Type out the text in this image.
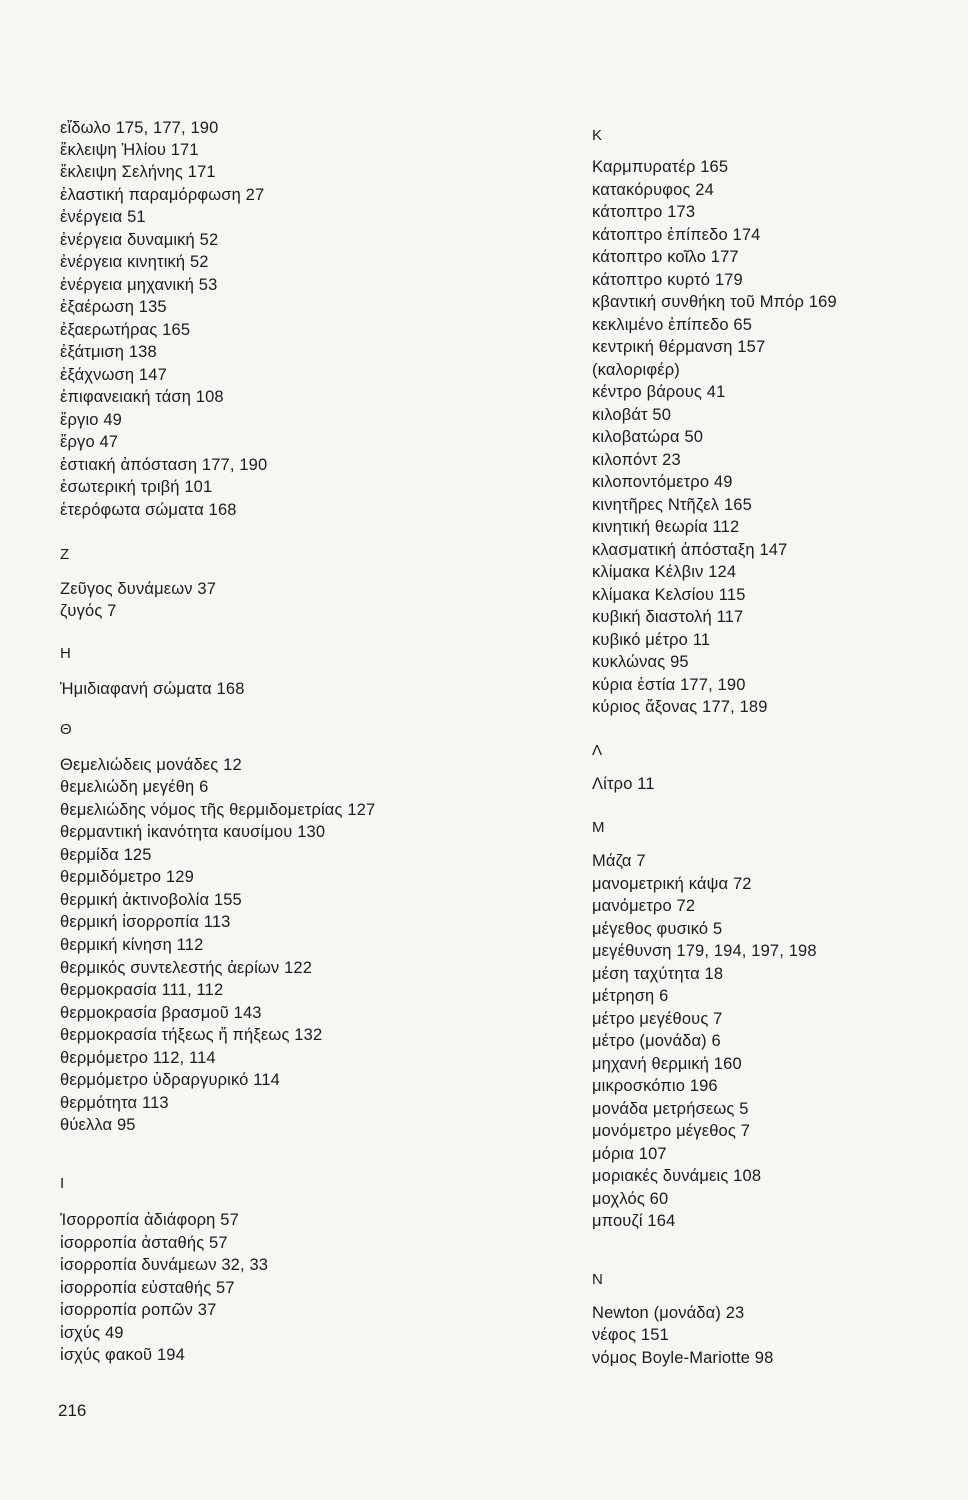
εἴδωλο 175, 177, 190
ἔκλειψη Ἡλίου 171
ἔκλειψη Σελήνης 171
ἐλαστική παραμόρφωση 27
ἐνέργεια 51
ἐνέργεια δυναμική 52
ἐνέργεια κινητική 52
ἐνέργεια μηχανική 53
ἐξαέρωση 135
ἐξαερωτήρας 165
ἐξάτμιση 138
ἐξάχνωση 147
ἐπιφανειακή τάση 108
ἔργιο 49
ἔργο 47
ἑστιακή ἀπόσταση 177, 190
ἐσωτερική τριβή 101
ἑτερόφωτα σώματα 168
Ζ
Ζεῦγος δυνάμεων 37
ζυγός 7
Η
Ἡμιδιαφανή σώματα 168
Θ
Θεμελιώδεις μονάδες 12
θεμελιώδη μεγέθη 6
θεμελιώδης νόμος τῆς θερμιδομετρίας 127
θερμαντική ἱκανότητα καυσίμου 130
θερμίδα 125
θερμιδόμετρο 129
θερμική ἀκτινοβολία 155
θερμική ἰσορροπία 113
θερμική κίνηση 112
θερμικός συντελεστής ἀερίων 122
θερμοκρασία 111, 112
θερμοκρασία βρασμοῦ 143
θερμοκρασία τήξεως ἤ πήξεως 132
θερμόμετρο 112, 114
θερμόμετρο ὑδραργυρικό 114
θερμότητα 113
θύελλα 95
Ι
Ἰσορροπία ἀδιάφορη 57
ἰσορροπία ἀσταθής 57
ἰσορροπία δυνάμεων 32, 33
ἰσορροπία εὐσταθής 57
ἰσορροπία ροπῶν 37
ἰσχύς 49
ἰσχύς φακοῦ 194
Κ
Καρμπυρατέρ 165
κατακόρυφος 24
κάτοπτρο 173
κάτοπτρο ἐπίπεδο 174
κάτοπτρο κοῖλο 177
κάτοπτρο κυρτό 179
κβαντική συνθήκη τοῦ Μπόρ 169
κεκλιμένο ἐπίπεδο 65
κεντρική θέρμανση 157
(καλοριφέρ)
κέντρο βάρους 41
κιλοβάτ 50
κιλοβατώρα 50
κιλοπόντ 23
κιλοποντόμετρο 49
κινητῆρες Ντῆζελ 165
κινητική θεωρία 112
κλασματική ἀπόσταξη 147
κλίμακα Κέλβιν 124
κλίμακα Κελσίου 115
κυβική διαστολή 117
κυβικό μέτρο 11
κυκλώνας 95
κύρια ἑστία 177, 190
κύριος ἄξονας 177, 189
Λ
Λίτρο 11
Μ
Μάζα 7
μανομετρική κάψα 72
μανόμετρο 72
μέγεθος φυσικό 5
μεγέθυνση 179, 194, 197, 198
μέση ταχύτητα 18
μέτρηση 6
μέτρο μεγέθους 7
μέτρο (μονάδα) 6
μηχανή θερμική 160
μικροσκόπιο 196
μονάδα μετρήσεως 5
μονόμετρο μέγεθος 7
μόρια 107
μοριακές δυνάμεις 108
μοχλός 60
μπουζί 164
Ν
Newton (μονάδα) 23
νέφος 151
νόμος Boyle-Mariotte 98
216
